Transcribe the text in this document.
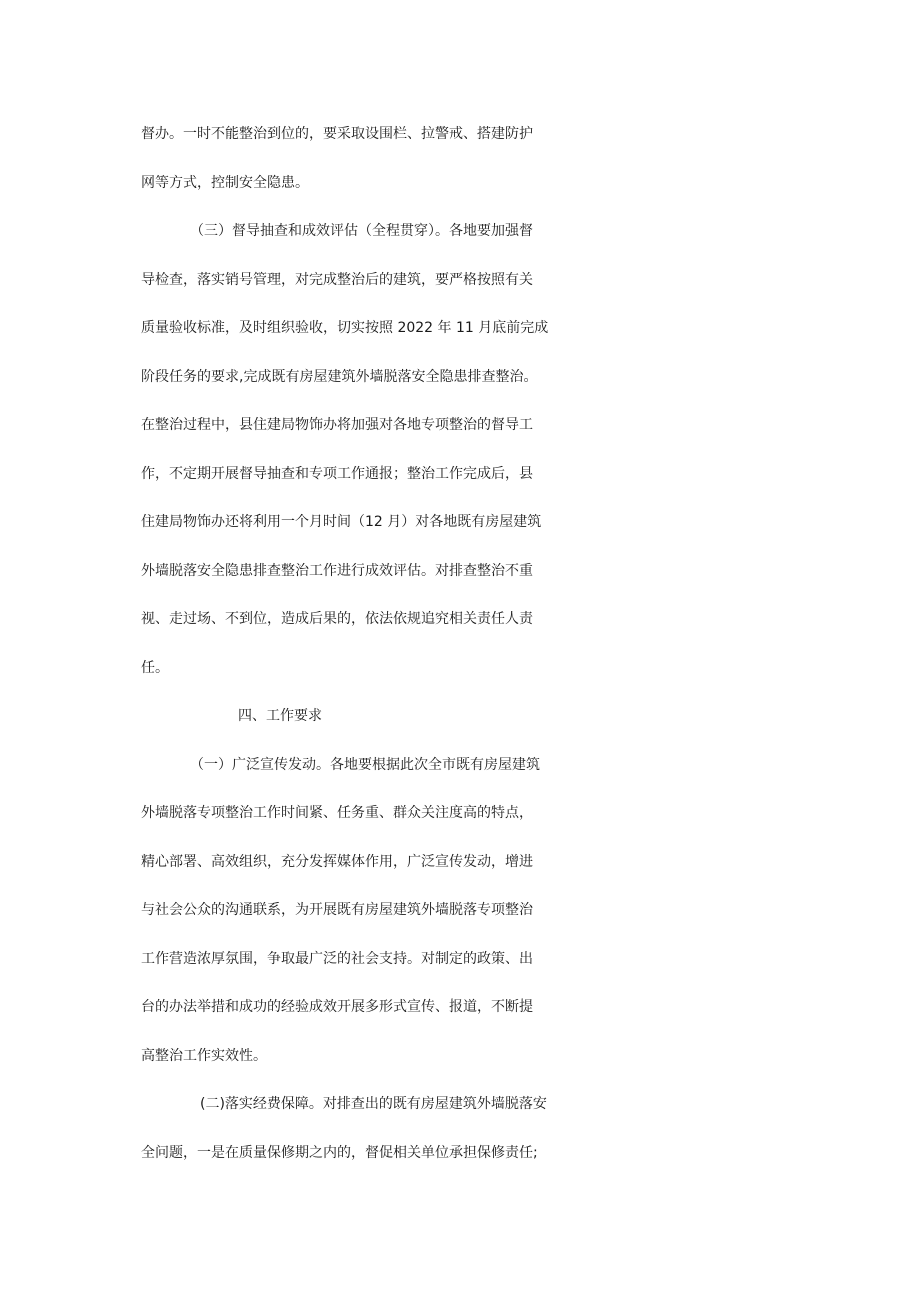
督办。一时不能整治到位的，要采取设围栏、拉警戒、搭建防护
网等方式，控制安全隐患。
（三）督导抽查和成效评估（全程贯穿）。各地要加强督
导检查，落实销号管理，对完成整治后的建筑，要严格按照有关
质量验收标准，及时组织验收，切实按照 2022 年 11 月底前完成
阶段任务的要求,完成既有房屋建筑外墙脱落安全隐患排查整治。
在整治过程中，县住建局物饰办将加强对各地专项整治的督导工
作，不定期开展督导抽查和专项工作通报；整治工作完成后，县
住建局物饰办还将利用一个月时间（12 月）对各地既有房屋建筑
外墙脱落安全隐患排查整治工作进行成效评估。对排查整治不重
视、走过场、不到位，造成后果的，依法依规追究相关责任人责
任。
四、工作要求
（一）广泛宣传发动。各地要根据此次全市既有房屋建筑
外墙脱落专项整治工作时间紧、任务重、群众关注度高的特点，
精心部署、高效组织，充分发挥媒体作用，广泛宣传发动，增进
与社会公众的沟通联系，为开展既有房屋建筑外墙脱落专项整治
工作营造浓厚氛围，争取最广泛的社会支持。对制定的政策、出
台的办法举措和成功的经验成效开展多形式宣传、报道，不断提
高整治工作实效性。
(二)落实经费保障。对排查出的既有房屋建筑外墙脱落安
全问题，一是在质量保修期之内的，督促相关单位承担保修责任;
